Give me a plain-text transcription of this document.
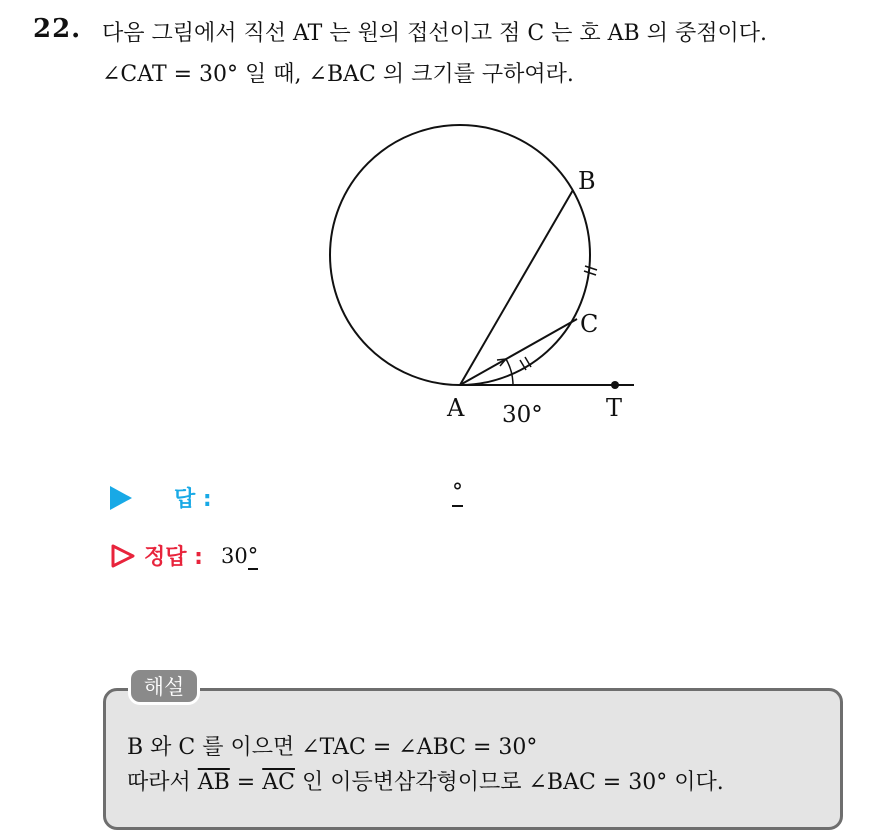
22. 다음 그림에서 직선 AT 는 원의 접선이고 점 C 는 호 AB 의 중점이다.
∠CAT = 30° 일 때, ∠BAC 의 크기를 구하여라.
A
B
C
T
30°
답 :	°
정답 : 30°
해설
B 와 C 를 이으면 ∠TAC = ∠ABC = 30°
따라서 $\overline{AB} = \overline{AC}$ 인 이등변삼각형이므로 ∠BAC = 30° 이다.
